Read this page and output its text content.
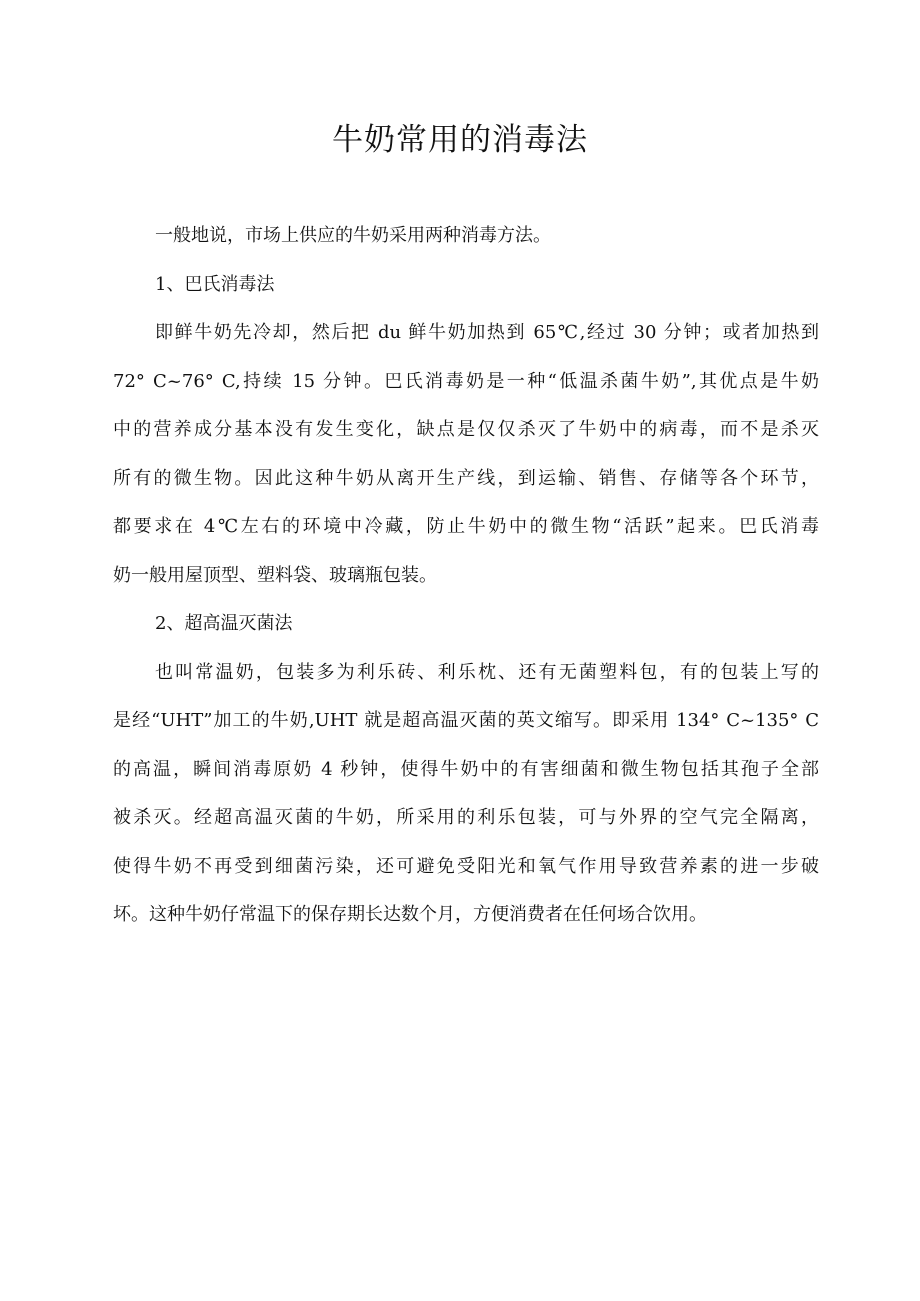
牛奶常用的消毒法

一般地说，市场上供应的牛奶采用两种消毒方法。

1、巴氏消毒法

即鲜牛奶先冷却，然后把 du 鲜牛奶加热到 65℃,经过 30 分钟；或者加热到
72° C~76° C,持续 15 分钟。巴氏消毒奶是一种“低温杀菌牛奶”,其优点是牛奶
中的营养成分基本没有发生变化，缺点是仅仅杀灭了牛奶中的病毒，而不是杀灭
所有的微生物。因此这种牛奶从离开生产线，到运输、销售、存储等各个环节，
都要求在 4℃左右的环境中冷藏，防止牛奶中的微生物“活跃”起来。巴氏消毒
奶一般用屋顶型、塑料袋、玻璃瓶包装。

2、超高温灭菌法

也叫常温奶，包装多为利乐砖、利乐枕、还有无菌塑料包，有的包装上写的
是经“UHT”加工的牛奶,UHT 就是超高温灭菌的英文缩写。即采用 134° C~135° C
的高温，瞬间消毒原奶 4 秒钟，使得牛奶中的有害细菌和微生物包括其孢子全部
被杀灭。经超高温灭菌的牛奶，所采用的利乐包装，可与外界的空气完全隔离，
使得牛奶不再受到细菌污染，还可避免受阳光和氧气作用导致营养素的进一步破
坏。这种牛奶仔常温下的保存期长达数个月，方便消费者在任何场合饮用。
